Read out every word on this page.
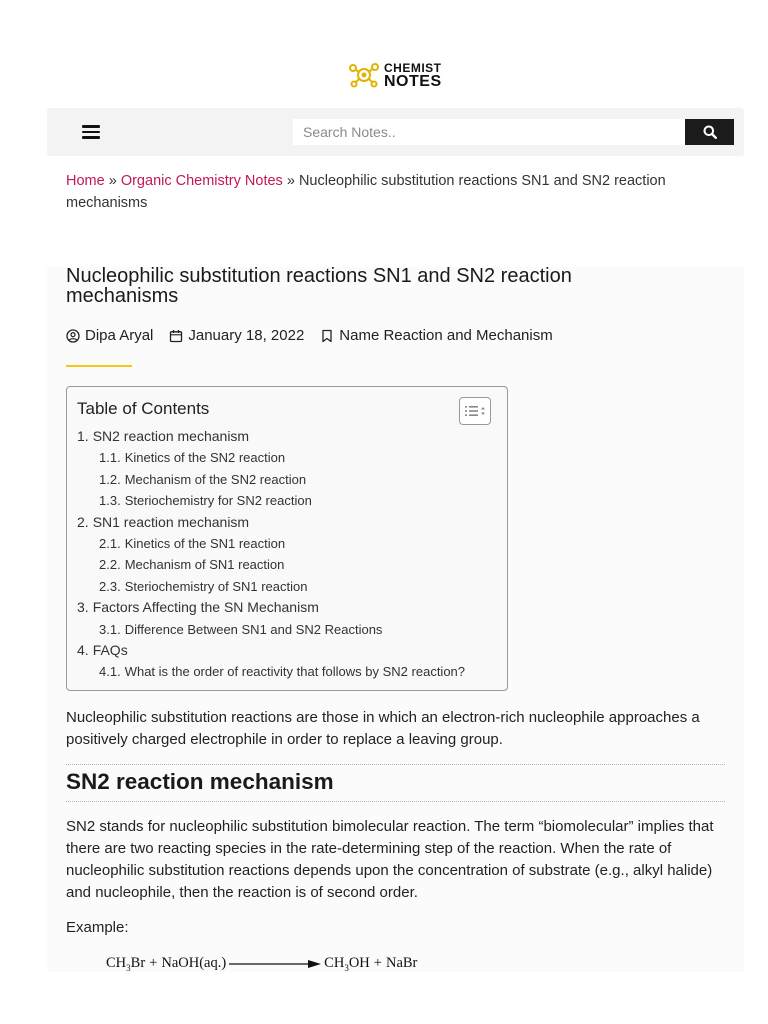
CHEMIST
NOTES
Search Notes..
Home » Organic Chemistry Notes » Nucleophilic substitution reactions SN1 and SN2 reaction mechanisms
Nucleophilic substitution reactions SN1 and SN2 reaction mechanisms
Dipa Aryal January 18, 2022 Name Reaction and Mechanism
Table of Contents
1. SN2 reaction mechanism
1.1. Kinetics of the SN2 reaction
1.2. Mechanism of the SN2 reaction
1.3. Steriochemistry for SN2 reaction
2. SN1 reaction mechanism
2.1. Kinetics of the SN1 reaction
2.2. Mechanism of SN1 reaction
2.3. Steriochemistry of SN1 reaction
3. Factors Affecting the SN Mechanism
3.1. Difference Between SN1 and SN2 Reactions
4. FAQs
4.1. What is the order of reactivity that follows by SN2 reaction?

Nucleophilic substitution reactions are those in which an electron-rich nucleophile approaches a positively charged electrophile in order to replace a leaving group.

SN2 reaction mechanism

SN2 stands for nucleophilic substitution bimolecular reaction. The term “biomolecular” implies that there are two reacting species in the rate-determining step of the reaction. When the rate of nucleophilic substitution reactions depends upon the concentration of substrate (e.g., alkyl halide) and nucleophile, then the reaction is of second order.

Example:

$CH_3Br$ + NaOH(aq.)	$CH_3OH$ + NaBr
